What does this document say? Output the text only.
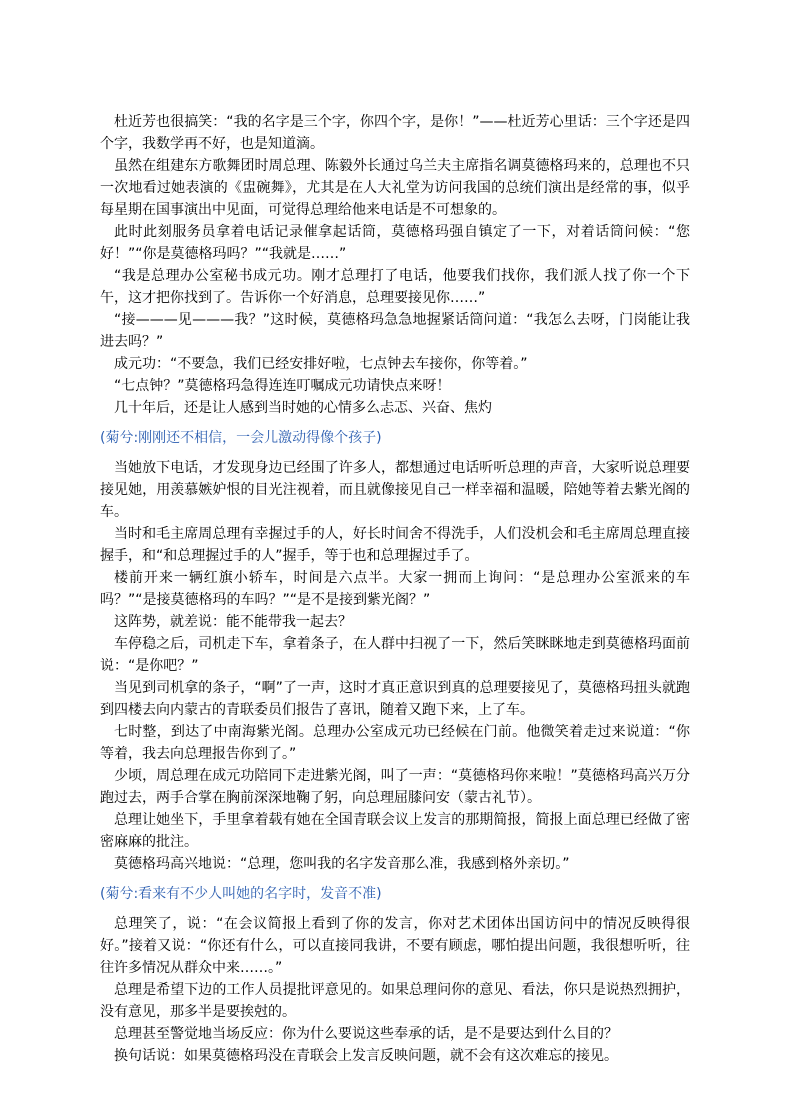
杜近芳也很搞笑：“我的名字是三个字，你四个字，是你！”——杜近芳心里话：三个字还是四个字，我数学再不好，也是知道滴。

虽然在组建东方歌舞团时周总理、陈毅外长通过乌兰夫主席指名调莫德格玛来的，总理也不只一次地看过她表演的《盅碗舞》，尤其是在人大礼堂为访问我国的总统们演出是经常的事，似乎每星期在国事演出中见面，可觉得总理给他来电话是不可想象的。

此时此刻服务员拿着电话记录催拿起话筒，莫德格玛强自镇定了一下，对着话筒问候：“您好！”“你是莫德格玛吗？”“我就是……”

“我是总理办公室秘书成元功。刚才总理打了电话，他要我们找你，我们派人找了你一个下午，这才把你找到了。告诉你一个好消息，总理要接见你……”

“接———见———我？”这时候，莫德格玛急急地握紧话筒问道：“我怎么去呀，门岗能让我进去吗？”

成元功：“不要急，我们已经安排好啦，七点钟去车接你，你等着。”

“七点钟？”莫德格玛急得连连叮嘱成元功请快点来呀！

几十年后，还是让人感到当时她的心情多么忐忑、兴奋、焦灼

(菊兮:刚刚还不相信，一会儿激动得像个孩子)

当她放下电话，才发现身边已经围了许多人，都想通过电话听听总理的声音，大家听说总理要接见她，用羡慕嫉妒恨的目光注视着，而且就像接见自己一样幸福和温暖，陪她等着去紫光阁的车。

当时和毛主席周总理有幸握过手的人，好长时间舍不得洗手，人们没机会和毛主席周总理直接握手，和“和总理握过手的人”握手，等于也和总理握过手了。

楼前开来一辆红旗小轿车，时间是六点半。大家一拥而上询问：“是总理办公室派来的车吗？”“是接莫德格玛的车吗？”“是不是接到紫光阁？”

这阵势，就差说：能不能带我一起去？

车停稳之后，司机走下车，拿着条子，在人群中扫视了一下，然后笑眯眯地走到莫德格玛面前说：“是你吧？”

当见到司机拿的条子，“啊”了一声，这时才真正意识到真的总理要接见了，莫德格玛扭头就跑到四楼去向内蒙古的青联委员们报告了喜讯，随着又跑下来，上了车。

七时整，到达了中南海紫光阁。总理办公室成元功已经候在门前。他微笑着走过来说道：“你等着，我去向总理报告你到了。”

少顷，周总理在成元功陪同下走进紫光阁，叫了一声：“莫德格玛你来啦！”莫德格玛高兴万分跑过去，两手合掌在胸前深深地鞠了躬，向总理屈膝问安（蒙古礼节）。

总理让她坐下，手里拿着载有她在全国青联会议上发言的那期简报，简报上面总理已经做了密密麻麻的批注。

莫德格玛高兴地说：“总理，您叫我的名字发音那么准，我感到格外亲切。”

(菊兮:看来有不少人叫她的名字时，发音不准)

总理笑了，说：“在会议简报上看到了你的发言，你对艺术团体出国访问中的情况反映得很好。”接着又说：“你还有什么，可以直接同我讲，不要有顾虑，哪怕提出问题，我很想听听，往往许多情况从群众中来……。”

总理是希望下边的工作人员提批评意见的。如果总理问你的意见、看法，你只是说热烈拥护，没有意见，那多半是要挨尅的。

总理甚至警觉地当场反应：你为什么要说这些奉承的话，是不是要达到什么目的？

换句话说：如果莫德格玛没在青联会上发言反映问题，就不会有这次难忘的接见。
